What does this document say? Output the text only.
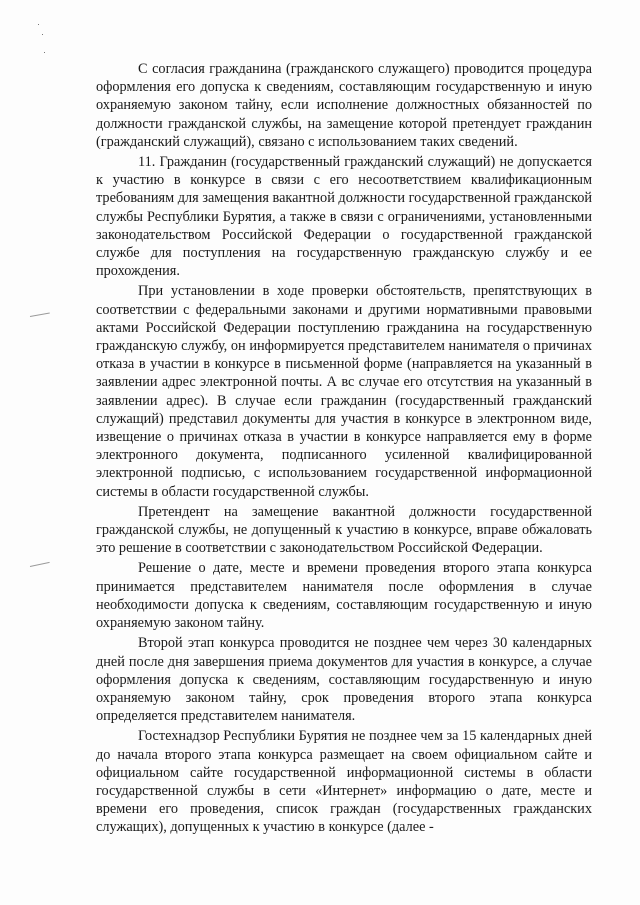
С согласия гражданина (гражданского служащего) проводится процедура оформления его допуска к сведениям, составляющим государственную и иную охраняемую законом тайну, если исполнение должностных обязанностей по должности гражданской службы, на замещение которой претендует гражданин (гражданский служащий), связано с использованием таких сведений.

11. Гражданин (государственный гражданский служащий) не допускается к участию в конкурсе в связи с его несоответствием квалификационным требованиям для замещения вакантной должности государственной гражданской службы Республики Бурятия, а также в связи с ограничениями, установленными законодательством Российской Федерации о государственной гражданской службе для поступления на государственную гражданскую службу и ее прохождения.

При установлении в ходе проверки обстоятельств, препятствующих в соответствии с федеральными законами и другими нормативными правовыми актами Российской Федерации поступлению гражданина на государственную гражданскую службу, он информируется представителем нанимателя о причинах отказа в участии в конкурсе в письменной форме (направляется на указанный в заявлении адрес электронной почты. А вс случае его отсутствия на указанный в заявлении адрес). В случае если гражданин (государственный гражданский служащий) представил документы для участия в конкурсе в электронном виде, извещение о причинах отказа в участии в конкурсе направляется ему в форме электронного документа, подписанного усиленной квалифицированной электронной подписью, с использованием государственной информационной системы в области государственной службы.

Претендент на замещение вакантной должности государственной гражданской службы, не допущенный к участию в конкурсе, вправе обжаловать это решение в соответствии с законодательством Российской Федерации.

Решение о дате, месте и времени проведения второго этапа конкурса принимается представителем нанимателя после оформления в случае необходимости допуска к сведениям, составляющим государственную и иную охраняемую законом тайну.

Второй этап конкурса проводится не позднее чем через 30 календарных дней после дня завершения приема документов для участия в конкурсе, а случае оформления допуска к сведениям, составляющим государственную и иную охраняемую законом тайну, срок проведения второго этапа конкурса определяется представителем нанимателя.

Гостехнадзор Республики Бурятия не позднее чем за 15 календарных дней до начала второго этапа конкурса размещает на своем официальном сайте и официальном сайте государственной информационной системы в области государственной службы в сети «Интернет» информацию о дате, месте и времени его проведения, список граждан (государственных гражданских служащих), допущенных к участию в конкурсе (далее -
